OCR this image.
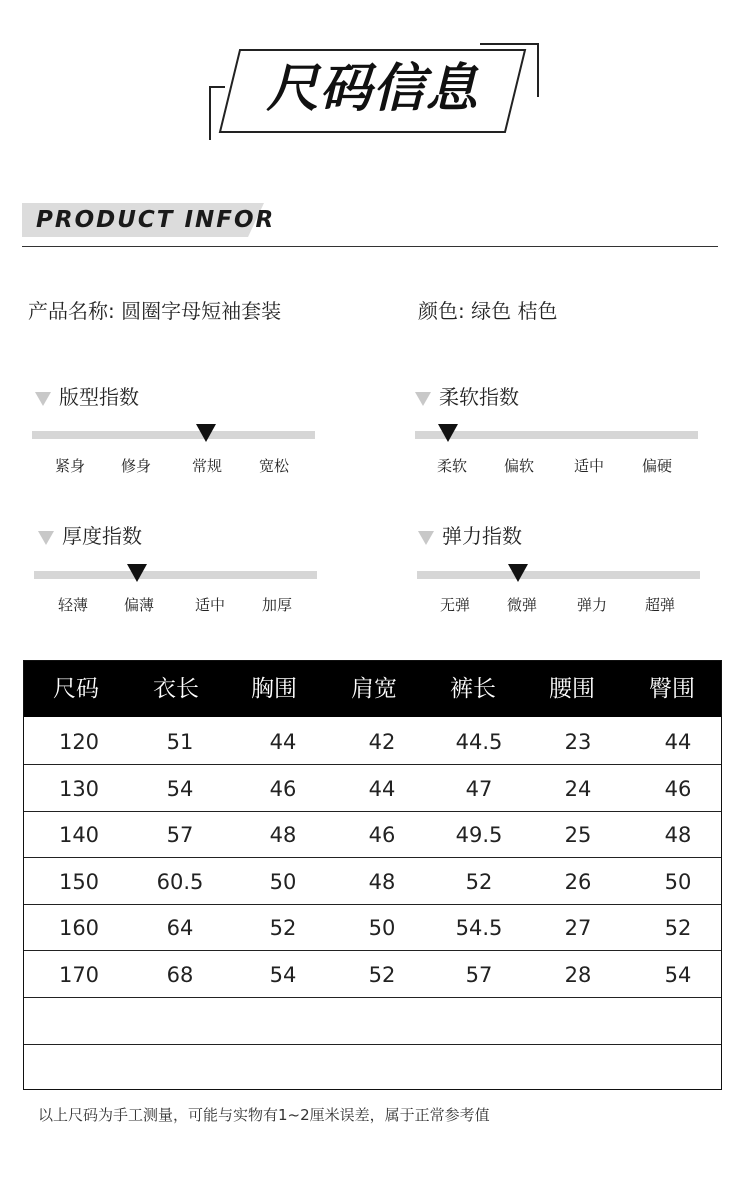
尺码信息
PRODUCT INFOR
产品名称: 圆圈字母短袖套装	颜色: 绿色 桔色
版型指数
紧身	修身	常规	宽松
柔软指数
柔软	偏软	适中	偏硬
厚度指数
轻薄	偏薄	适中	加厚
弹力指数
无弹	微弹	弹力	超弹
尺码	衣长	胸围	肩宽	裤长	腰围	臀围
120	51	44	42	44.5	23	44
130	54	46	44	47	24	46
140	57	48	46	49.5	25	48
150	60.5	50	48	52	26	50
160	64	52	50	54.5	27	52
170	68	54	52	57	28	54
以上尺码为手工测量，可能与实物有1~2厘米误差，属于正常参考值
